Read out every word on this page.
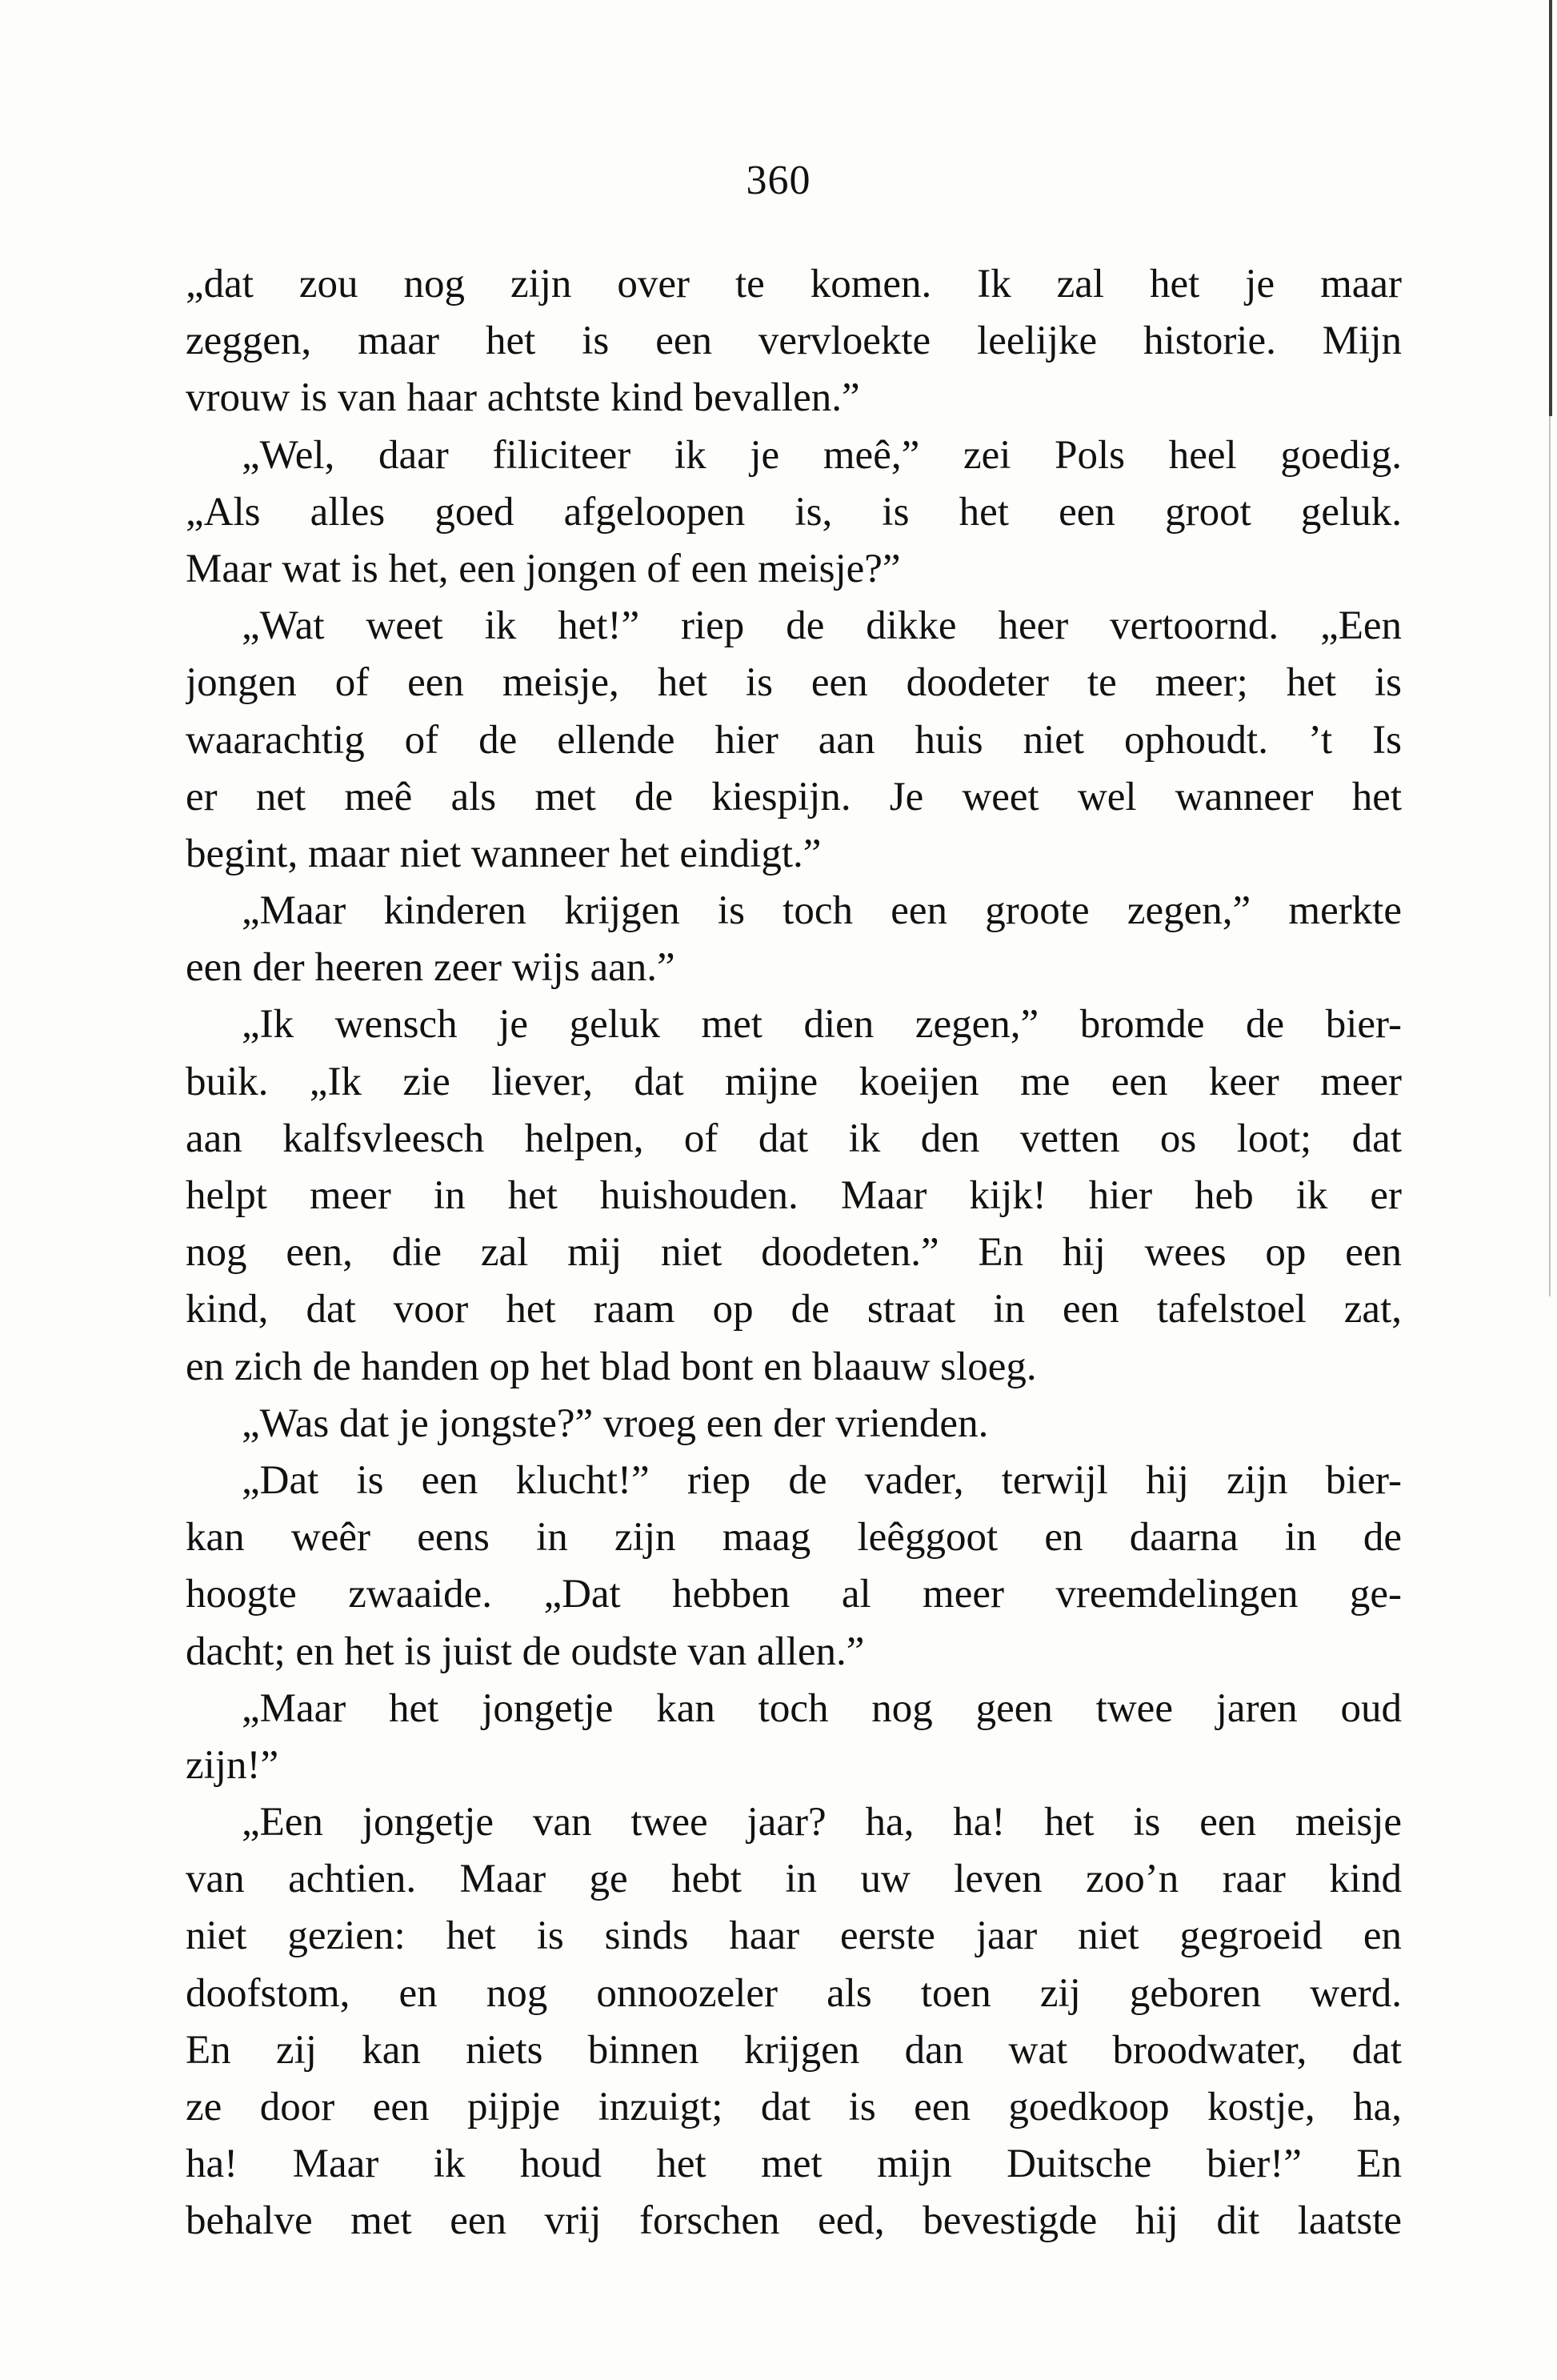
360
„dat zou nog zijn over te komen. Ik zal het je maar
zeggen, maar het is een vervloekte leelijke historie. Mijn
vrouw is van haar achtste kind bevallen.”
„Wel, daar filiciteer ik je meê,” zei Pols heel goedig.
„Als alles goed afgeloopen is, is het een groot geluk.
Maar wat is het, een jongen of een meisje?”
„Wat weet ik het!” riep de dikke heer vertoornd. „Een
jongen of een meisje, het is een doodeter te meer; het is
waarachtig of de ellende hier aan huis niet ophoudt. ’t Is
er net meê als met de kiespijn. Je weet wel wanneer het
begint, maar niet wanneer het eindigt.”
„Maar kinderen krijgen is toch een groote zegen,” merkte
een der heeren zeer wijs aan.”
„Ik wensch je geluk met dien zegen,” bromde de bier-
buik. „Ik zie liever, dat mijne koeijen me een keer meer
aan kalfsvleesch helpen, of dat ik den vetten os loot; dat
helpt meer in het huishouden. Maar kijk! hier heb ik er
nog een, die zal mij niet doodeten.” En hij wees op een
kind, dat voor het raam op de straat in een tafelstoel zat,
en zich de handen op het blad bont en blaauw sloeg.
„Was dat je jongste?” vroeg een der vrienden.
„Dat is een klucht!” riep de vader, terwijl hij zijn bier-
kan weêr eens in zijn maag leêggoot en daarna in de
hoogte zwaaide. „Dat hebben al meer vreemdelingen ge-
dacht; en het is juist de oudste van allen.”
„Maar het jongetje kan toch nog geen twee jaren oud
zijn!”
„Een jongetje van twee jaar? ha, ha! het is een meisje
van achtien. Maar ge hebt in uw leven zoo’n raar kind
niet gezien: het is sinds haar eerste jaar niet gegroeid en
doofstom, en nog onnoozeler als toen zij geboren werd.
En zij kan niets binnen krijgen dan wat broodwater, dat
ze door een pijpje inzuigt; dat is een goedkoop kostje, ha,
ha! Maar ik houd het met mijn Duitsche bier!” En
behalve met een vrij forschen eed, bevestigde hij dit laatste
